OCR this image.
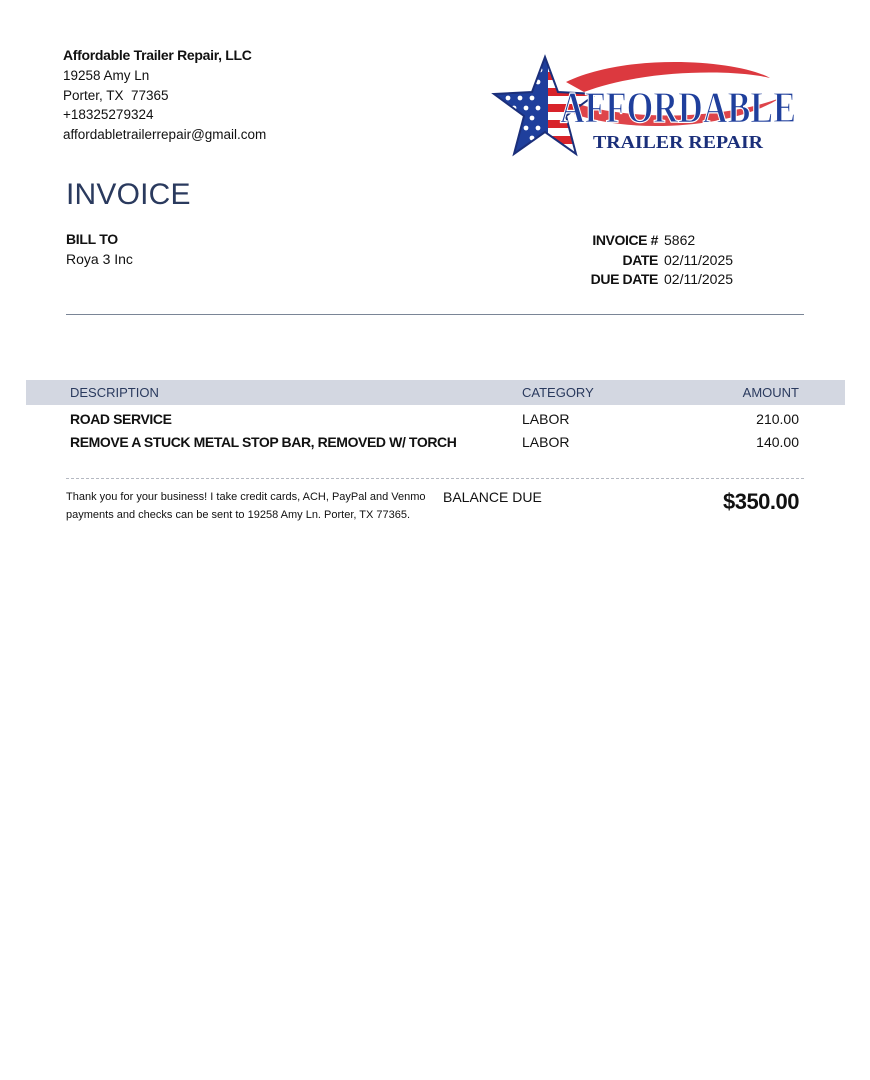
Affordable Trailer Repair, LLC
19258 Amy Ln
Porter, TX  77365
+18325279324
affordabletrailerrepair@gmail.com
AFFORDABLE
TRAILER REPAIR
INVOICE
BILL TO
Roya 3 Inc
INVOICE # 5862
DATE 02/11/2025
DUE DATE 02/11/2025
DESCRIPTION	CATEGORY	AMOUNT
ROAD SERVICE	LABOR	210.00
REMOVE A STUCK METAL STOP BAR, REMOVED W/ TORCH	LABOR	140.00
Thank you for your business! I take credit cards, ACH, PayPal and Venmo payments and checks can be sent to 19258 Amy Ln. Porter, TX 77365.
BALANCE DUE	$350.00
